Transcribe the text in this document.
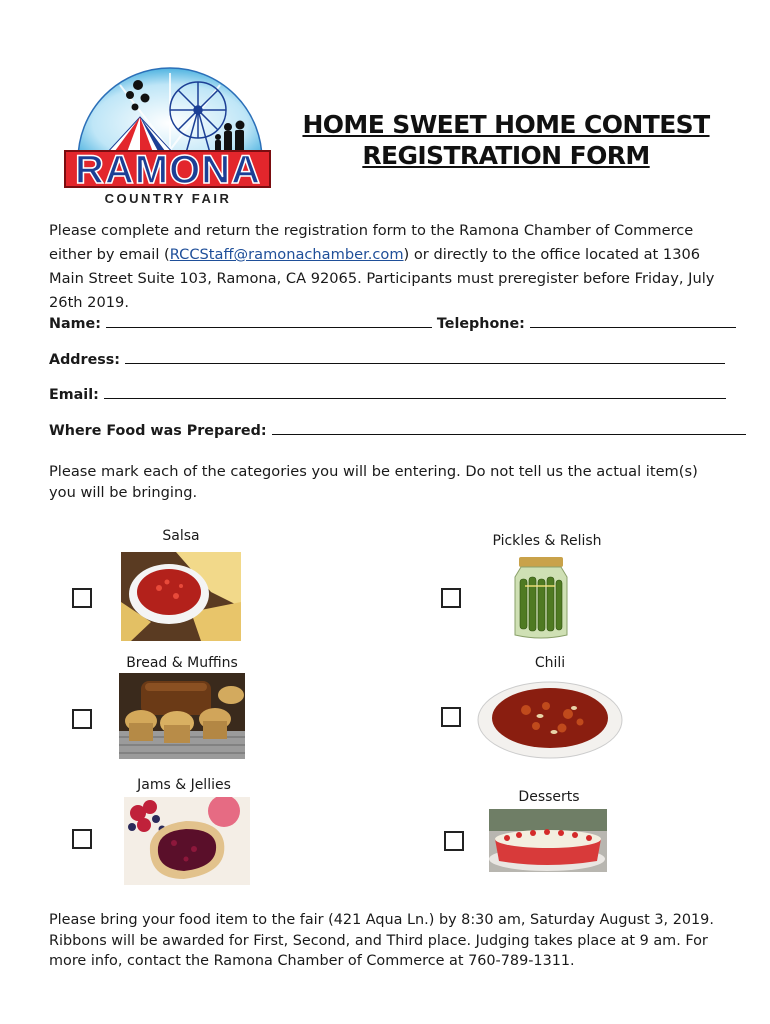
RAMONA
COUNTRY FAIR
HOME SWEET HOME CONTEST
REGISTRATION FORM
Please complete and return the registration form to the Ramona Chamber of Commerce either by email (RCCStaff@ramonachamber.com) or directly to the office located at 1306 Main Street Suite 103, Ramona, CA 92065. Participants must preregister before Friday, July 26th 2019.
Name:	Telephone:
Address:
Email:
Where Food was Prepared:
Please mark each of the categories you will be entering. Do not tell us the actual item(s) you will be bringing.
Salsa	Pickles & Relish
Bread & Muffins	Chili
Jams & Jellies
Desserts
Please bring your food item to the fair (421 Aqua Ln.) by 8:30 am, Saturday August 3, 2019. Ribbons will be awarded for First, Second, and Third place. Judging takes place at 9 am. For more info, contact the Ramona Chamber of Commerce at 760-789-1311.
